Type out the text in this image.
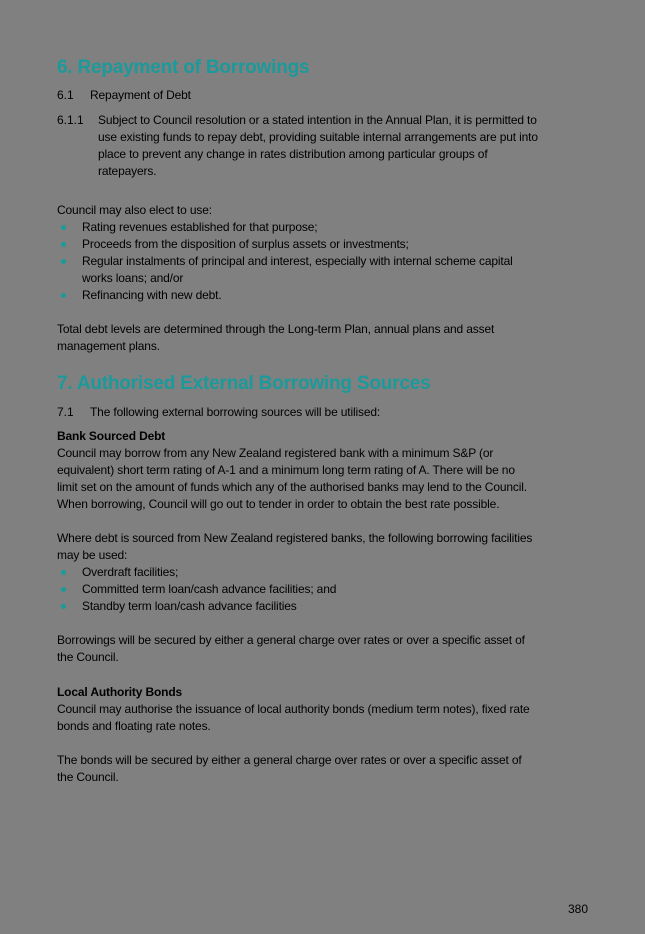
6. Repayment of Borrowings
6.1 Repayment of Debt
6.1.1 Subject to Council resolution or a stated intention in the Annual Plan, it is permitted to
use existing funds to repay debt, providing suitable internal arrangements are put into
place to prevent any change in rates distribution among particular groups of
ratepayers.
Council may also elect to use:
Rating revenues established for that purpose;
Proceeds from the disposition of surplus assets or investments;
Regular instalments of principal and interest, especially with internal scheme capital
works loans; and/or
Refinancing with new debt.
Total debt levels are determined through the Long-term Plan, annual plans and asset
management plans.
7. Authorised External Borrowing Sources
7.1 The following external borrowing sources will be utilised:
Bank Sourced Debt
Council may borrow from any New Zealand registered bank with a minimum S&P (or
equivalent) short term rating of A-1 and a minimum long term rating of A. There will be no
limit set on the amount of funds which any of the authorised banks may lend to the Council.
When borrowing, Council will go out to tender in order to obtain the best rate possible.
Where debt is sourced from New Zealand registered banks, the following borrowing facilities
may be used:
Overdraft facilities;
Committed term loan/cash advance facilities; and
Standby term loan/cash advance facilities
Borrowings will be secured by either a general charge over rates or over a specific asset of
the Council.
Local Authority Bonds
Council may authorise the issuance of local authority bonds (medium term notes), fixed rate
bonds and floating rate notes.
The bonds will be secured by either a general charge over rates or over a specific asset of
the Council.
380
